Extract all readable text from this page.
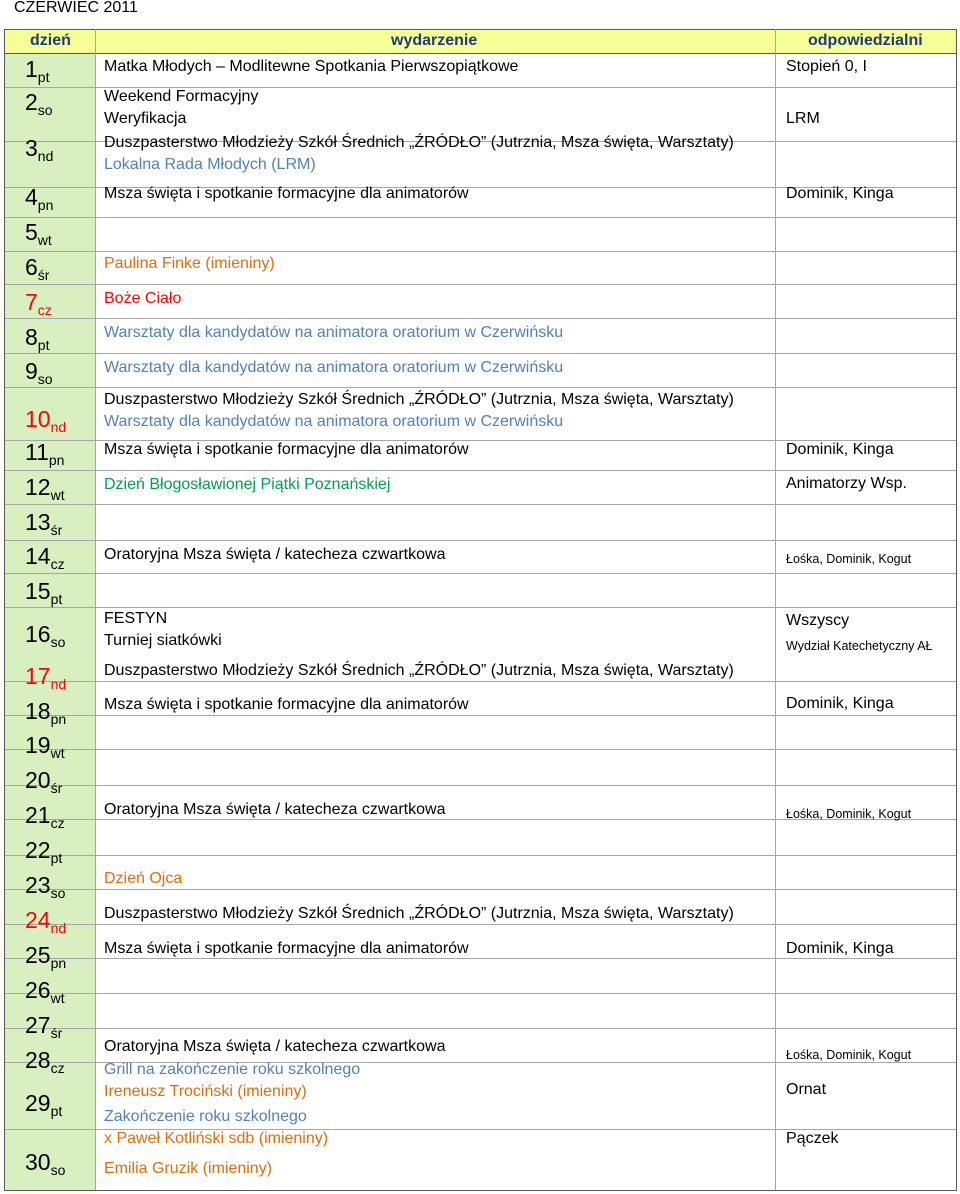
CZERWIEC 2011
dzień	wydarzenie	odpowiedzialni
1pt
2so
3nd
4pn
5wt
6śr
7cz
8pt
9so
10nd
11pn
12wt
13śr
14cz
15pt
16so
17nd
18pn
19wt
20śr
21cz
22pt
23so
24nd
25pn
26wt
27śr
28cz
29pt
30so
Matka Młodych – Modlitewne Spotkania Pierwszopiątkowe
Weekend Formacyjny
Weryfikacja
Duszpasterstwo Młodzieży Szkół Średnich „ŹRÓDŁO” (Jutrznia, Msza święta, Warsztaty)
Lokalna Rada Młodych (LRM)
Msza święta i spotkanie formacyjne dla animatorów
Paulina Finke (imieniny)
Boże Ciało
Warsztaty dla kandydatów na animatora oratorium w Czerwińsku
Warsztaty dla kandydatów na animatora oratorium w Czerwińsku
Duszpasterstwo Młodzieży Szkół Średnich „ŹRÓDŁO” (Jutrznia, Msza święta, Warsztaty)
Warsztaty dla kandydatów na animatora oratorium w Czerwińsku
Msza święta i spotkanie formacyjne dla animatorów
Dzień Błogosławionej Piątki Poznańskiej
Oratoryjna Msza święta / katecheza czwartkowa
FESTYN
Turniej siatkówki
Duszpasterstwo Młodzieży Szkół Średnich „ŹRÓDŁO” (Jutrznia, Msza święta, Warsztaty)
Msza święta i spotkanie formacyjne dla animatorów
Oratoryjna Msza święta / katecheza czwartkowa
Dzień Ojca
Duszpasterstwo Młodzieży Szkół Średnich „ŹRÓDŁO” (Jutrznia, Msza święta, Warsztaty)
Msza święta i spotkanie formacyjne dla animatorów
Oratoryjna Msza święta / katecheza czwartkowa
Grill na zakończenie roku szkolnego
Ireneusz Trociński (imieniny)
Zakończenie roku szkolnego
x Paweł Kotliński sdb (imieniny)
Emilia Gruzik (imieniny)
Stopień 0, I
LRM
Dominik, Kinga
Dominik, Kinga
Animatorzy Wsp.
Łośka, Dominik, Kogut
Wszyscy
Wydział Katechetyczny AŁ
Dominik, Kinga
Łośka, Dominik, Kogut
Dominik, Kinga
Łośka, Dominik, Kogut
Ornat
Pączek
